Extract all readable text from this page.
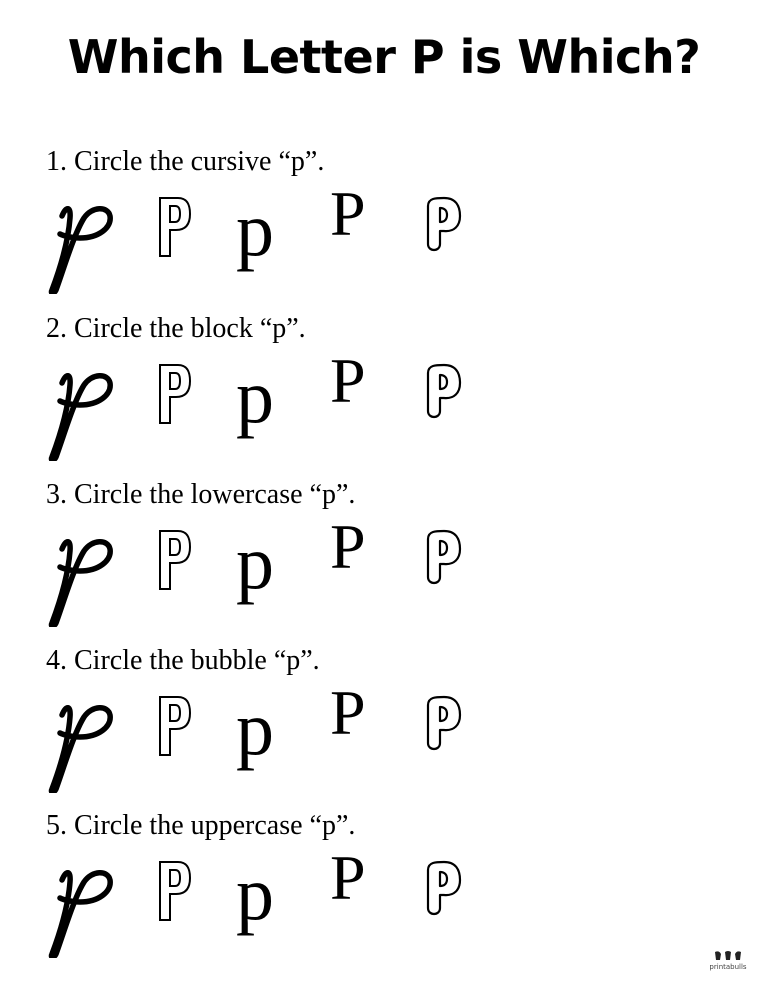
Which Letter P is Which?
1. Circle the cursive “p”.
p P
2. Circle the block “p”.
p P
3. Circle the lowercase “p”.
p P
4. Circle the bubble “p”.
p P
5. Circle the uppercase “p”.
p P
printabulls
